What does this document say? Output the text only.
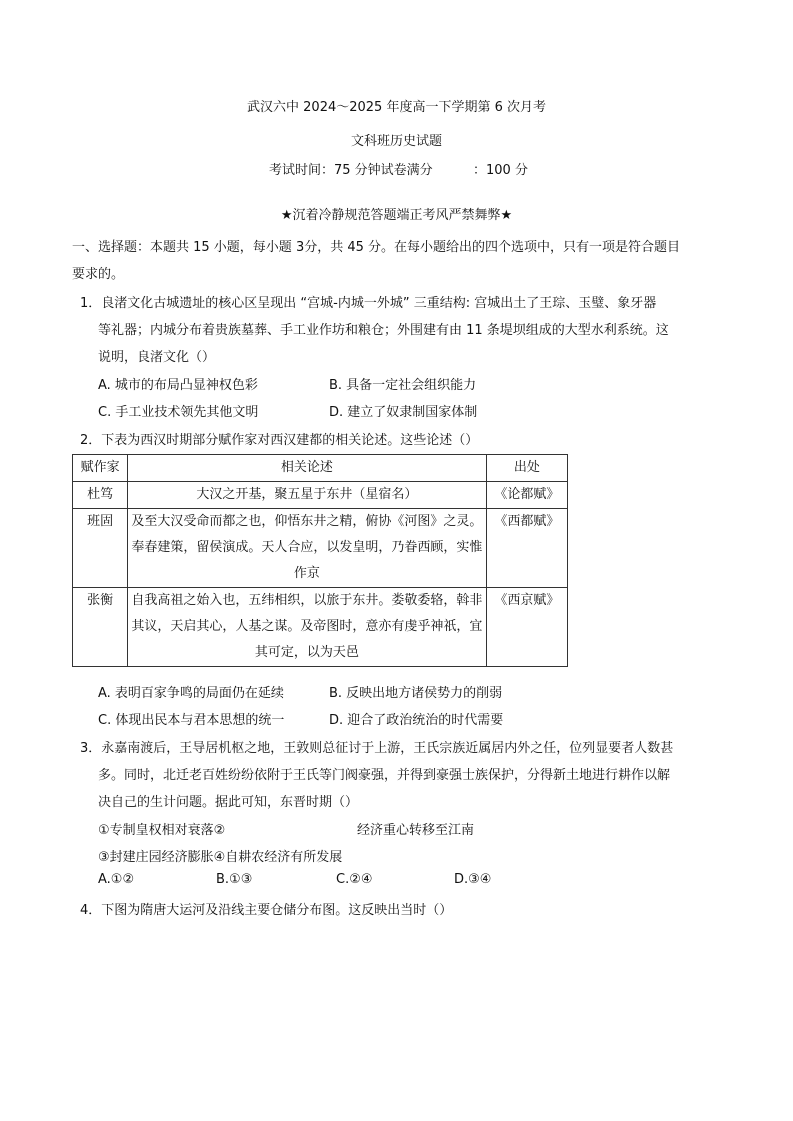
武汉六中 2024～2025 年度高一下学期第 6 次月考
文科班历史试题
考试时间：75 分钟试卷满分	：100 分
★沉着冷静规范答题端正考风严禁舞弊★
一、选择题：本题共 15 小题，每小题 3分，共 45 分。在每小题给出的四个选项中，只有一项是符合题目
要求的。
1．良渚文化古城遗址的核心区呈现出 “宫城-内城一外城” 三重结构: 宫城出土了王琮、玉璧、象牙器
等礼器；内城分布着贵族墓葬、手工业作坊和粮仓；外围建有由 11 条堤坝组成的大型水利系统。这
说明，良渚文化（）
A. 城市的布局凸显神权色彩	B. 具备一定社会组织能力
C. 手工业技术领先其他文明	D. 建立了奴隶制国家体制
2．下表为西汉时期部分赋作家对西汉建都的相关论述。这些论述（）
赋作家	相关论述	出处
杜笃	大汉之开基，聚五星于东井（星宿名）	《论都赋》
班固	及至大汉受命而都之也，仰悟东井之精，俯协《河图》之灵。奉春建策，留侯演成。天人合应，以发皇明，乃眷西顾，实惟作京	《西都赋》
张衡	自我高祖之始入也，五纬相织，以旅于东井。娄敬委辂，斡非其议，天启其心，人基之谋。及帝图时，意亦有虔乎神祇，宜其可定，以为天邑	《西京赋》
A. 表明百家争鸣的局面仍在延续	B. 反映出地方诸侯势力的削弱
C. 体现出民本与君本思想的统一	D. 迎合了政治统治的时代需要
3．永嘉南渡后，王导居机枢之地，王敦则总征讨于上游，王氏宗族近属居内外之任，位列显要者人数甚
多。同时，北迁老百姓纷纷依附于王氏等门阀豪强，并得到豪强士族保护，分得新土地进行耕作以解
决自己的生计问题。据此可知，东晋时期（）
①专制皇权相对衰落②	经济重心转移至江南
③封建庄园经济膨胀④自耕农经济有所发展
A.①②	B.①③	C.②④	D.③④
4．下图为隋唐大运河及沿线主要仓储分布图。这反映出当时（）
